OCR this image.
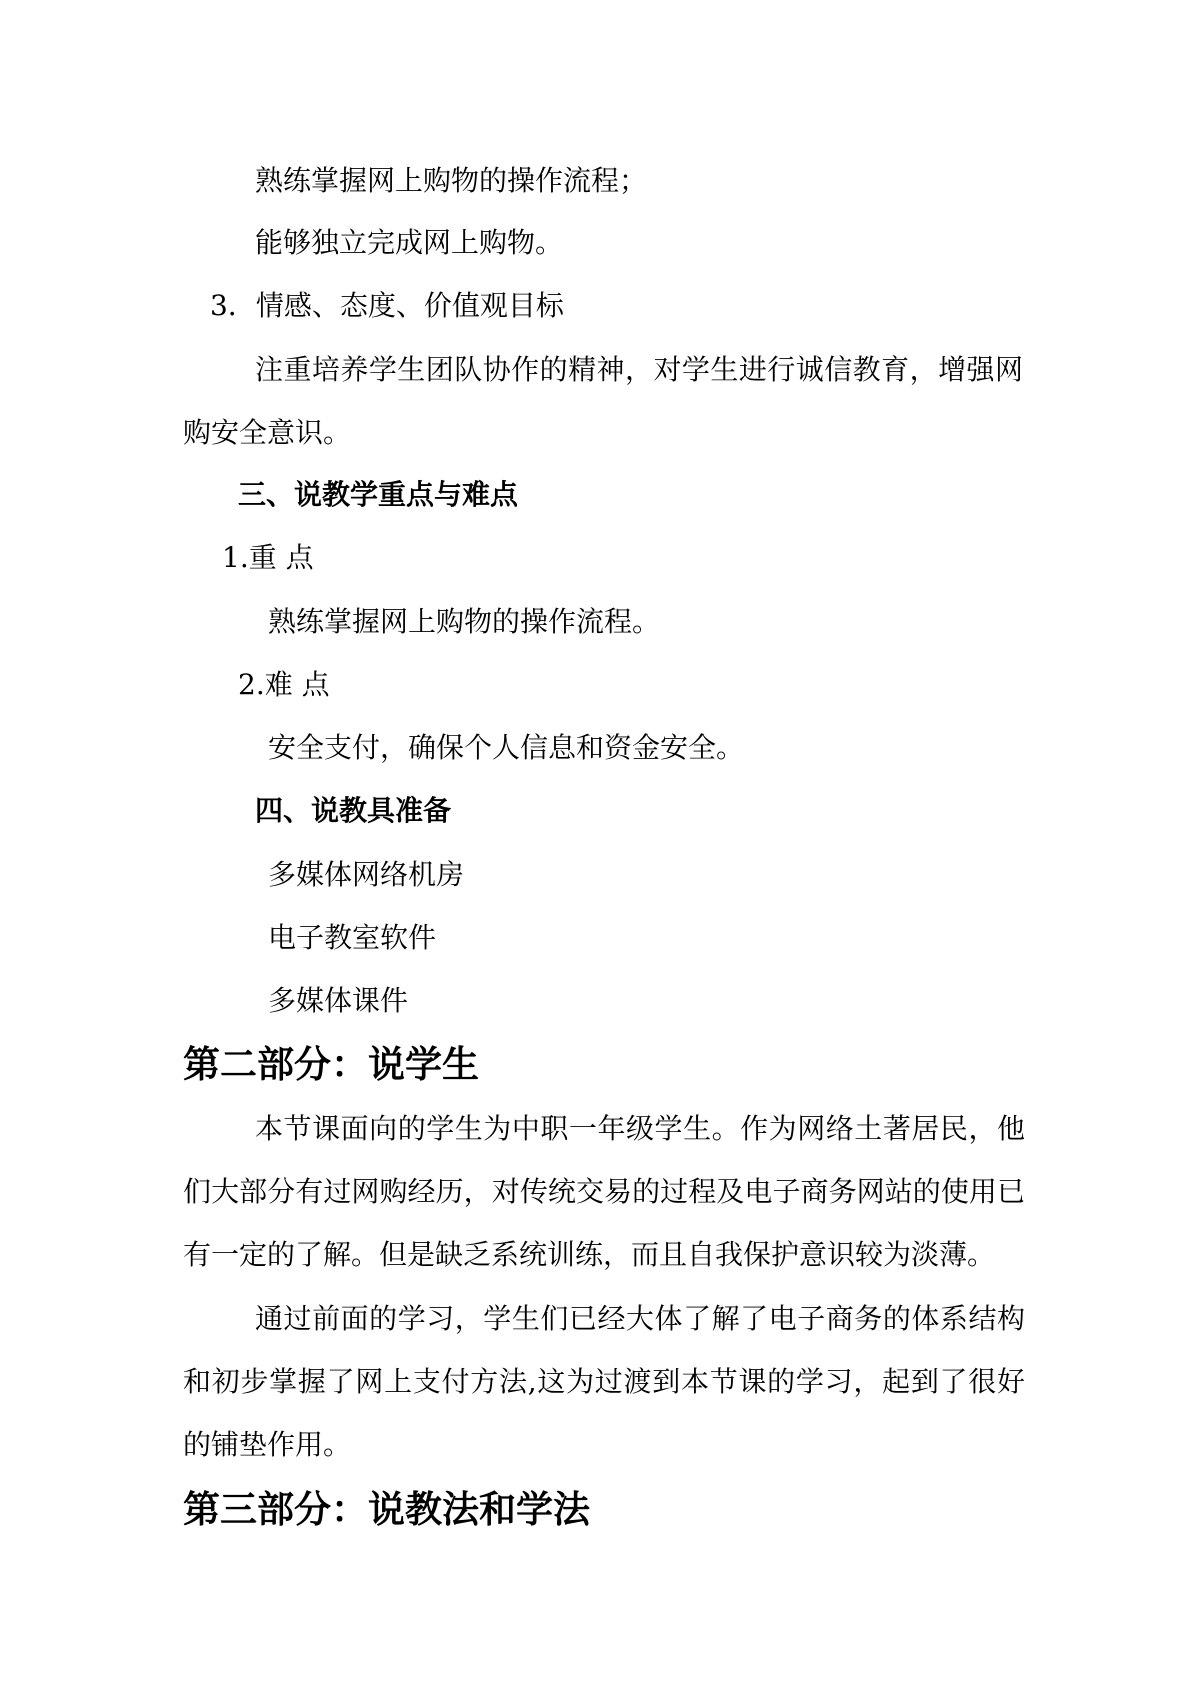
熟练掌握网上购物的操作流程；
能够独立完成网上购物。
3．情感、态度、价值观目标
注重培养学生团队协作的精神，对学生进行诚信教育，增强网
购安全意识。
三、说教学重点与难点
1.重 点
熟练掌握网上购物的操作流程。
2.难 点
安全支付，确保个人信息和资金安全。
四、说教具准备
多媒体网络机房
电子教室软件
多媒体课件
第二部分：说学生
本节课面向的学生为中职一年级学生。作为网络土著居民，他
们大部分有过网购经历，对传统交易的过程及电子商务网站的使用已
有一定的了解。但是缺乏系统训练，而且自我保护意识较为淡薄。
通过前面的学习，学生们已经大体了解了电子商务的体系结构
和初步掌握了网上支付方法,这为过渡到本节课的学习，起到了很好
的铺垫作用。
第三部分：说教法和学法
